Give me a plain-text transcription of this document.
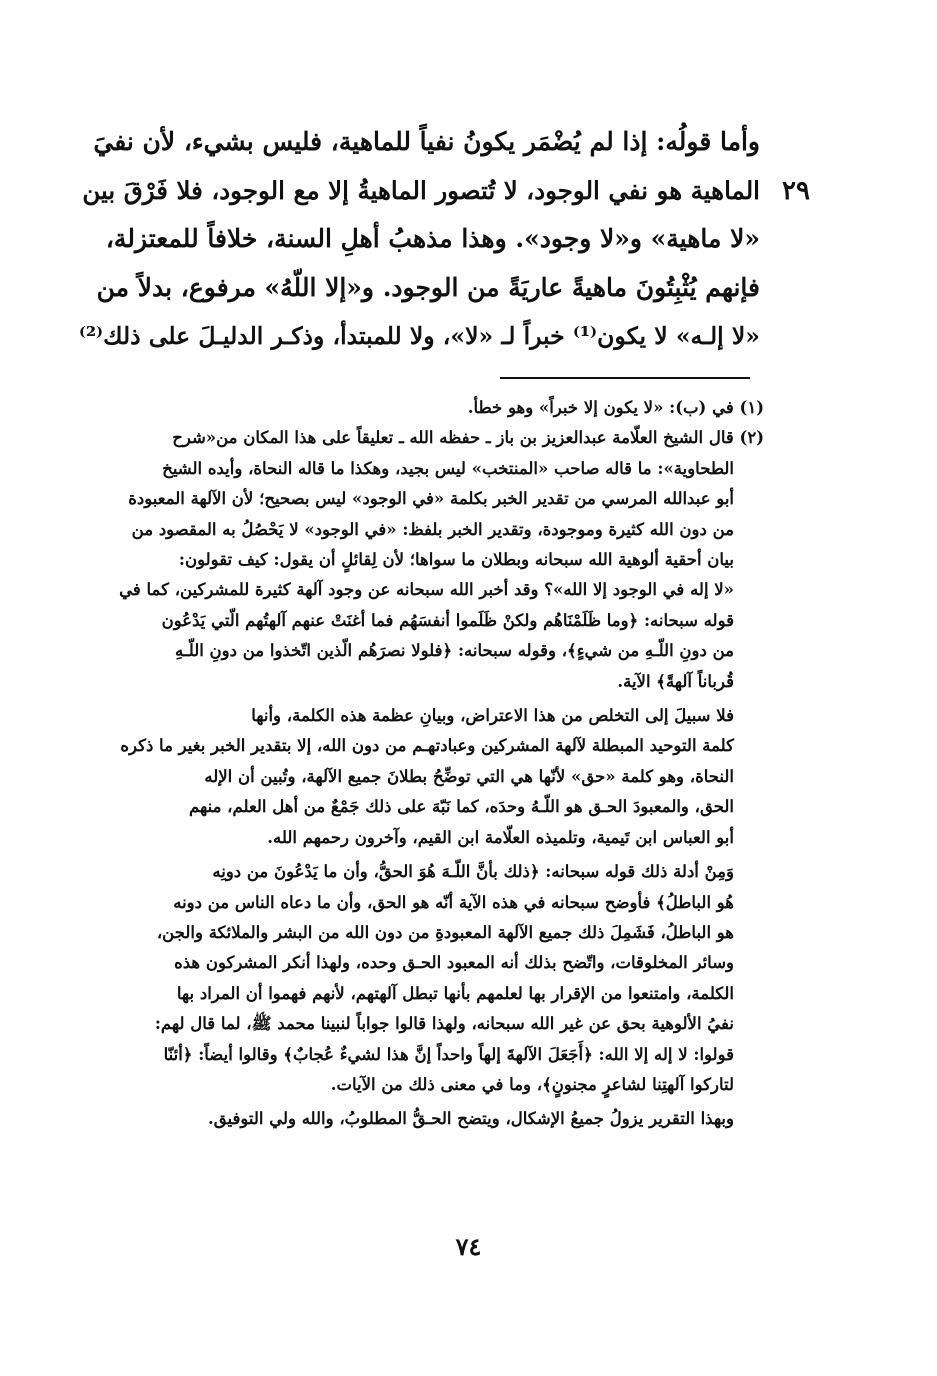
٢٩
وأما قولُه: إذا لم يُضْمَر يكونُ نفياً للماهية، فليس بشيء، لأن نفيَ
الماهية هو نفي الوجود، لا تُتصور الماهيةُ إلا مع الوجود، فلا فَرْقَ بين
«لا ماهية» و«لا وجود». وهذا مذهبُ أهلِ السنة، خلافاً للمعتزلة،
فإنهم يُثْبِتُونَ ماهيةً عاريَةً من الوجود. و«إلا اللّهُ» مرفوع، بدلاً من
«لا إلـه» لا يكون⁽¹⁾ خبراً لـ «لا»، ولا للمبتدأ، وذكـر الدليـلَ على ذلك⁽²⁾
(١) في (ب): «لا يكون إلا خبراً» وهو خطأ.
(٢) قال الشيخ العلّامة عبدالعزيز بن باز ـ حفظه الله ـ تعليقاً على هذا المكان من«شرح
الطحاوية»: ما قاله صاحب «المنتخب» ليس بجيد، وهكذا ما قاله النحاة، وأيده الشيخ
أبو عبدالله المرسي من تقدير الخبر بكلمة «في الوجود» ليس بصحيح؛ لأن الآلهة المعبودة
من دون الله كثيرة وموجودة، وتقدير الخبر بلفظ: «في الوجود» لا يَحْصُلُ به المقصود من
بيان أحقية ألوهية الله سبحانه وبطلان ما سواها؛ لأن لِقائلٍ أن يقول: كيف تقولون:
«لا إله في الوجود إلا الله»؟ وقد أخبر الله سبحانه عن وجود آلهة كثيرة للمشركين، كما في
قوله سبحانه: ﴿وما ظَلَمْنَاهُم ولكنْ ظَلَموا أنفسَهُم فما أغنَتْ عنهم آلهتُهم الّتي يَدْعُون
من دونِ اللّـهِ من شيءٍ﴾، وقوله سبحانه: ﴿فلولا نصرَهُم الّذين اتّخذوا من دونِ اللّـهِ
قُرباناً آلهةً﴾ الآية.
فلا سبيلَ إلى التخلص من هذا الاعتراض، وبيانِ عظمة هذه الكلمة، وأنها
كلمة التوحيد المبطلة لآلهة المشركين وعبادتهـم من دون الله، إلا بتقدير الخبر بغير ما ذكره
النحاة، وهو كلمة «حق» لأنّها هي التي توضِّحُ بطلانَ جميع الآلهة، وتُبين أن الإله
الحق، والمعبودَ الحـق هو اللّـهُ وحدَه، كما نَبّهَ على ذلك جَمْعٌ من أهل العلم، منهم
أبو العباس ابن تَيمية، وتلميذه العلّامة ابن القيم، وآخرون رحمهم الله.
وَمِنْ أدلة ذلك قوله سبحانه: ﴿ذلك بأنَّ اللّـهَ هُوَ الحقُّ، وأن ما يَدْعُونَ من دونِه
هُو الباطلُ﴾ فأوضح سبحانه في هذه الآية أنّه هو الحق، وأن ما دعاه الناس من دونه
هو الباطلُ، فَشَمِلَ ذلك جميع الآلهة المعبودةِ من دون الله من البشر والملائكة والجن،
وسائر المخلوقات، واتّضح بذلك أنه المعبود الحـق وحده، ولهذا أنكر المشركون هذه
الكلمة، وامتنعوا من الإقرار بها لعلمهم بأنها تبطل آلهتهم، لأنهم فهموا أن المراد بها
نفيُ الألوهية بحق عن غير الله سبحانه، ولهذا قالوا جواباً لنبينا محمد ﷺ، لما قال لهم:
قولوا: لا إله إلا الله: ﴿أَجَعَلَ الآلهةَ إلهاً واحداً إنَّ هذا لشيءٌ عُجابٌ﴾ وقالوا أيضاً: ﴿أئنّا
لتاركوا آلهتِنا لشاعرٍ مجنونٍ﴾، وما في معنى ذلك من الآيات.
وبهذا التقرير يزولُ جميعُ الإشكال، ويتضح الحـقُّ المطلوبُ، والله ولي التوفيق.
٧٤
